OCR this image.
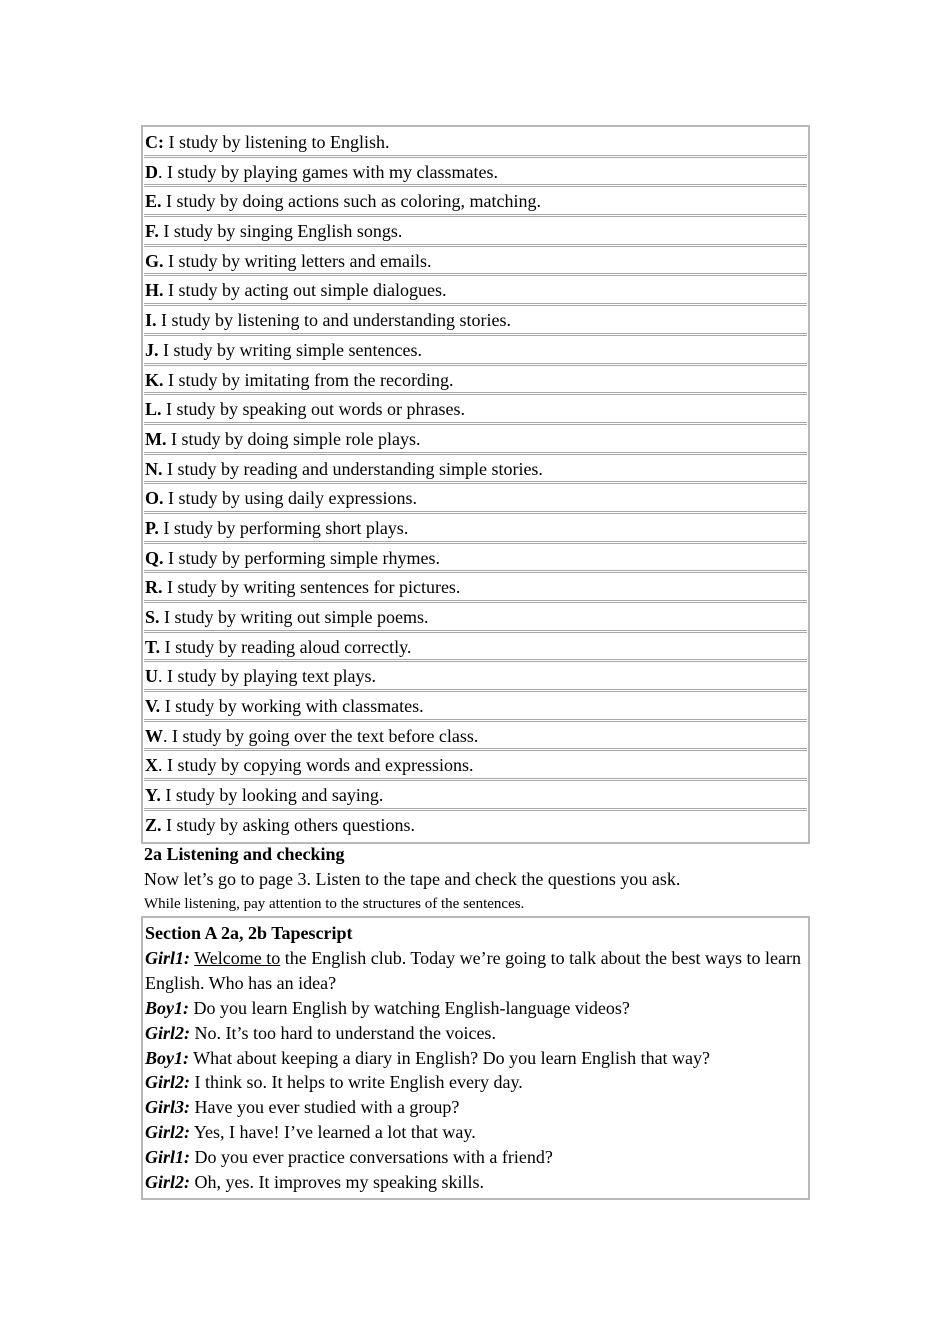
C: I study by listening to English.
D. I study by playing games with my classmates.
E. I study by doing actions such as coloring, matching.
F. I study by singing English songs.
G. I study by writing letters and emails.
H. I study by acting out simple dialogues.
I. I study by listening to and understanding stories.
J. I study by writing simple sentences.
K. I study by imitating from the recording.
L. I study by speaking out words or phrases.
M. I study by doing simple role plays.
N. I study by reading and understanding simple stories.
O. I study by using daily expressions.
P. I study by performing short plays.
Q. I study by performing simple rhymes.
R. I study by writing sentences for pictures.
S. I study by writing out simple poems.
T. I study by reading aloud correctly.
U. I study by playing text plays.
V. I study by working with classmates.
W. I study by going over the text before class.
X. I study by copying words and expressions.
Y. I study by looking and saying.
Z. I study by asking others questions.
2a Listening and checking
Now let’s go to page 3. Listen to the tape and check the questions you ask.
While listening, pay attention to the structures of the sentences.
Section A 2a, 2b Tapescript
Girl1: Welcome to the English club. Today we’re going to talk about the best ways to learn English. Who has an idea?
Boy1: Do you learn English by watching English-language videos?
Girl2: No. It’s too hard to understand the voices.
Boy1: What about keeping a diary in English? Do you learn English that way?
Girl2: I think so. It helps to write English every day.
Girl3: Have you ever studied with a group?
Girl2: Yes, I have! I’ve learned a lot that way.
Girl1: Do you ever practice conversations with a friend?
Girl2: Oh, yes. It improves my speaking skills.
